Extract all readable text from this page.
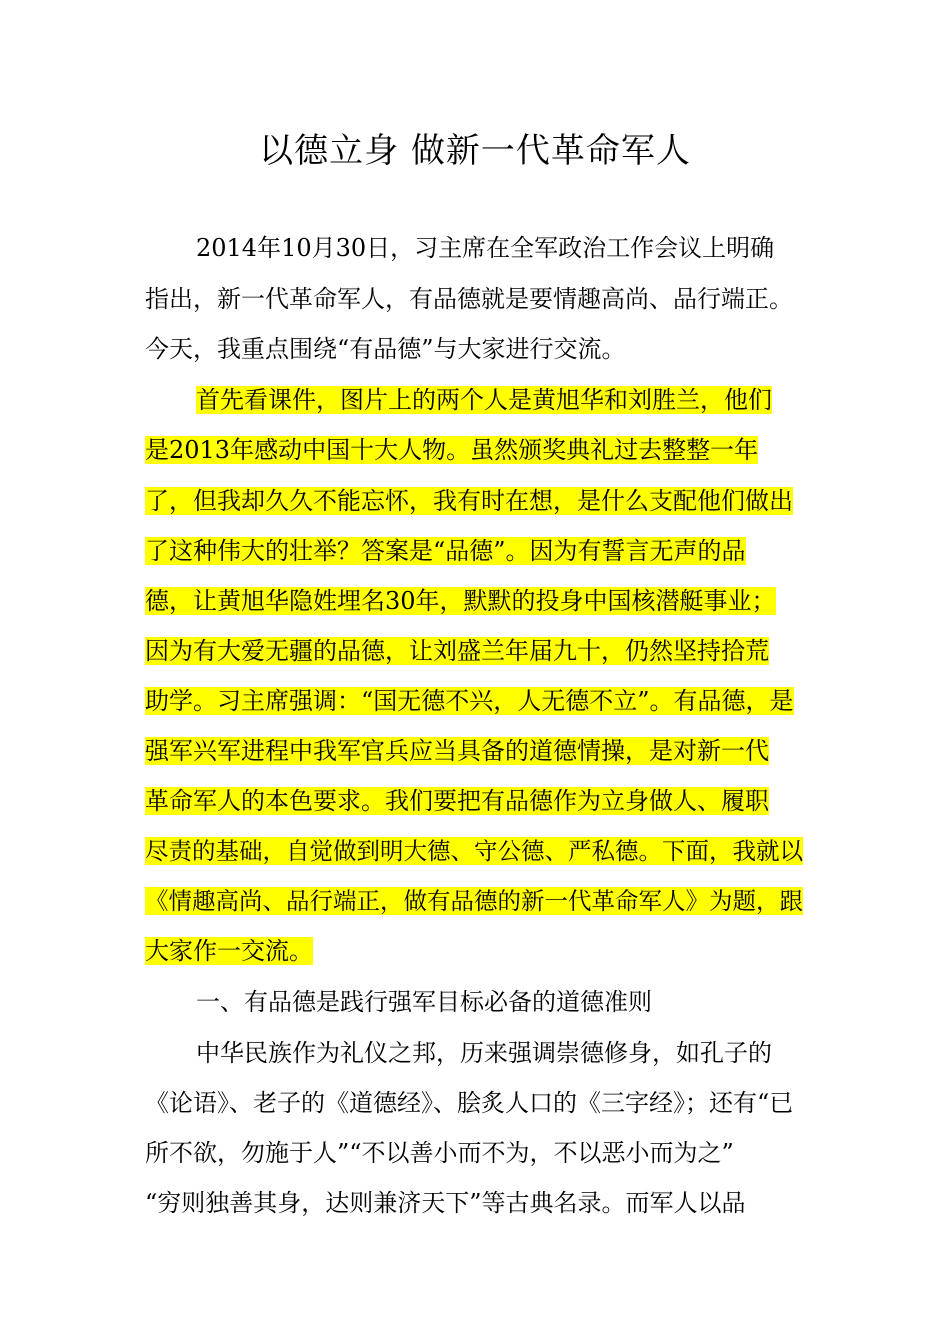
以德立身 做新一代革命军人
2014年10月30日，习主席在全军政治工作会议上明确
指出，新一代革命军人，有品德就是要情趣高尚、品行端正。
今天，我重点围绕“有品德”与大家进行交流。
首先看课件，图片上的两个人是黄旭华和刘胜兰，他们
是2013年感动中国十大人物。虽然颁奖典礼过去整整一年
了，但我却久久不能忘怀，我有时在想，是什么支配他们做出
了这种伟大的壮举？答案是“品德”。因为有誓言无声的品
德，让黄旭华隐姓埋名30年，默默的投身中国核潜艇事业；
因为有大爱无疆的品德，让刘盛兰年届九十，仍然坚持拾荒
助学。习主席强调：“国无德不兴，人无德不立”。有品德，是
强军兴军进程中我军官兵应当具备的道德情操，是对新一代
革命军人的本色要求。我们要把有品德作为立身做人、履职
尽责的基础，自觉做到明大德、守公德、严私德。下面，我就以
《情趣高尚、品行端正，做有品德的新一代革命军人》为题，跟
大家作一交流。
一、有品德是践行强军目标必备的道德准则
中华民族作为礼仪之邦，历来强调崇德修身，如孔子的
《论语》、老子的《道德经》、脍炙人口的《三字经》；还有“已
所不欲，勿施于人”“不以善小而不为，不以恶小而为之”
“穷则独善其身，达则兼济天下”等古典名录。而军人以品
